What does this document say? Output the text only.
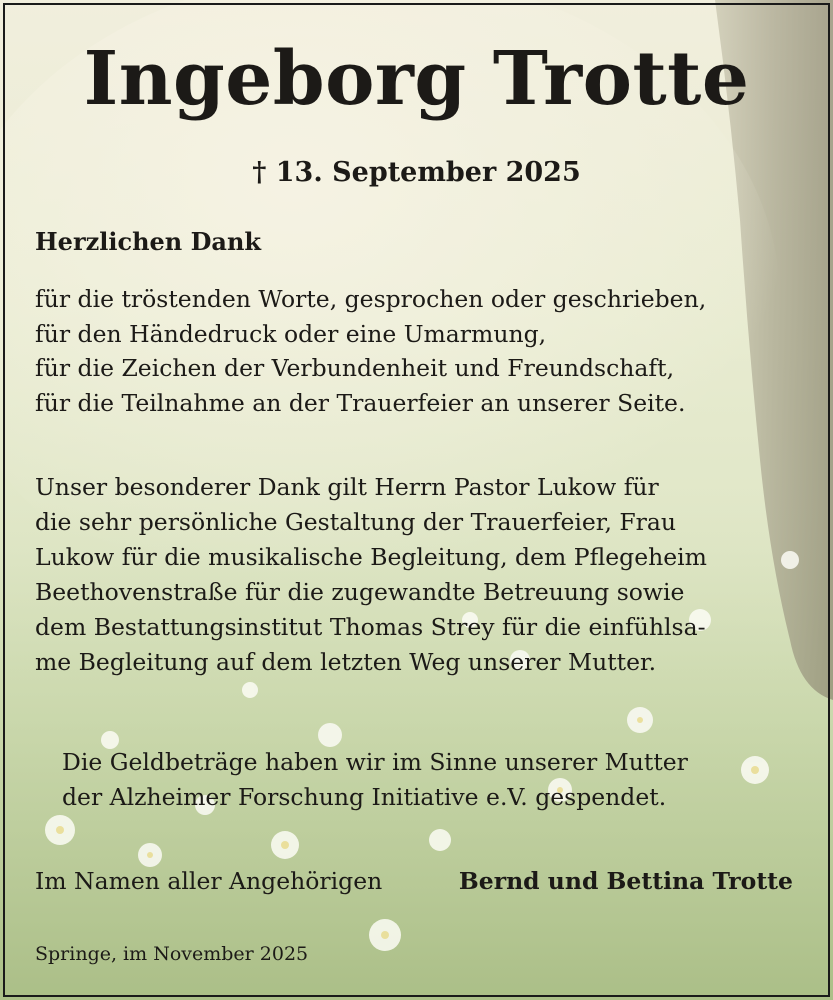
Ingeborg Trotte
† 13. September 2025
Herzlichen Dank
für die tröstenden Worte, gesprochen oder geschrieben,
für den Händedruck oder eine Umarmung,
für die Zeichen der Verbundenheit und Freundschaft,
für die Teilnahme an der Trauerfeier an unserer Seite.
Unser besonderer Dank gilt Herrn Pastor Lukow für
die sehr persönliche Gestaltung der Trauerfeier, Frau
Lukow für die musikalische Begleitung, dem Pflegeheim
Beethovenstraße für die zugewandte Betreuung sowie
dem Bestattungsinstitut Thomas Strey für die einfühlsa-
me Begleitung auf dem letzten Weg unserer Mutter.
Die Geldbeträge haben wir im Sinne unserer Mutter
der Alzheimer Forschung Initiative e.V. gespendet.
Im Namen aller Angehörigen	Bernd und Bettina Trotte
Springe, im November 2025
